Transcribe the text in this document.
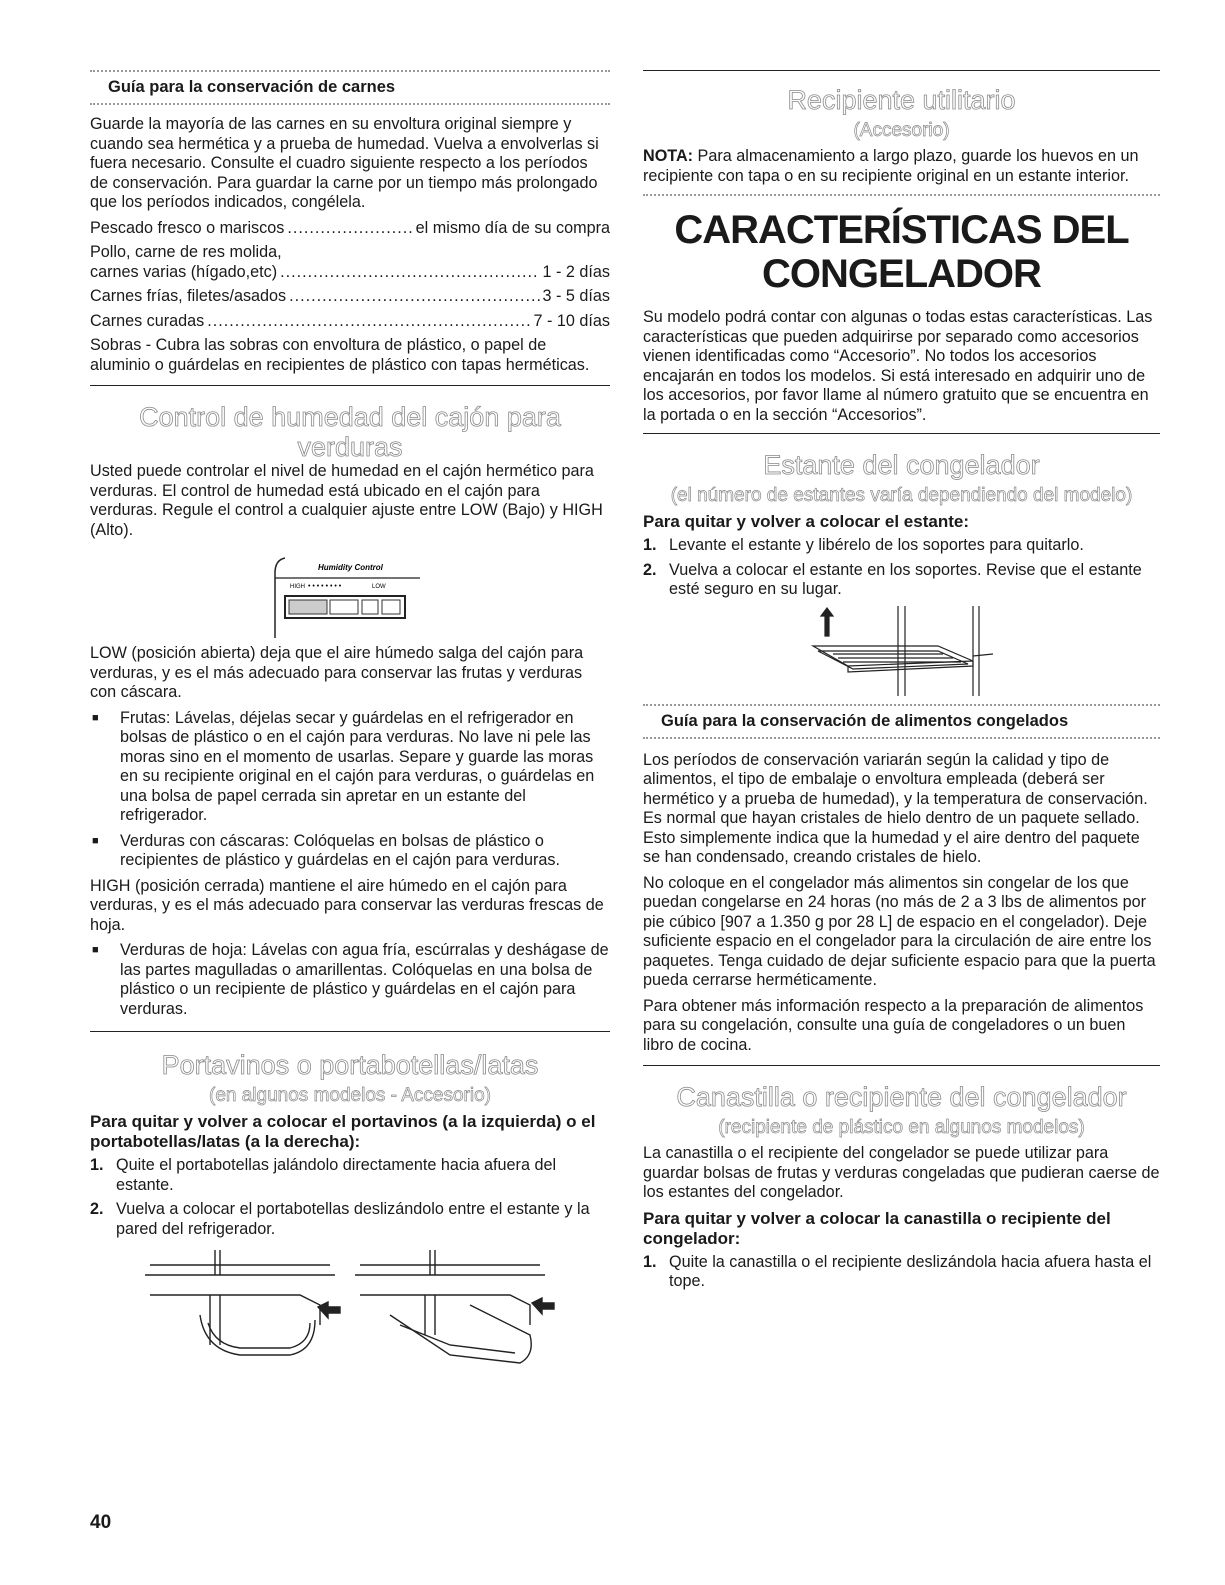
Guía para la conservación de carnes

Guarde la mayoría de las carnes en su envoltura original siempre y cuando sea hermética y a prueba de humedad. Vuelva a envolverlas si fuera necesario. Consulte el cuadro siguiente respecto a los períodos de conservación. Para guardar la carne por un tiempo más prolongado que los períodos indicados, congélela.

Pescado fresco o mariscos .....	el mismo día de su compra
Pollo, carne de res molida,
carnes varias (hígado,etc) .....	1 - 2 días
Carnes frías, filetes/asados .....	3 - 5 días
Carnes curadas .....	7 - 10 días

Sobras - Cubra las sobras con envoltura de plástico, o papel de aluminio o guárdelas en recipientes de plástico con tapas herméticas.

Control de humedad del cajón para
verduras

Usted puede controlar el nivel de humedad en el cajón hermético para verduras. El control de humedad está ubicado en el cajón para verduras. Regule el control a cualquier ajuste entre LOW (Bajo) y HIGH (Alto).

Humidity Control
HIGH • • • • • • • •	LOW

LOW (posición abierta) deja que el aire húmedo salga del cajón para verduras, y es el más adecuado para conservar las frutas y verduras con cáscara.

■ Frutas: Lávelas, déjelas secar y guárdelas en el refrigerador en bolsas de plástico o en el cajón para verduras. No lave ni pele las moras sino en el momento de usarlas. Separe y guarde las moras en su recipiente original en el cajón para verduras, o guárdelas en una bolsa de papel cerrada sin apretar en un estante del refrigerador.
■ Verduras con cáscaras: Colóquelas en bolsas de plástico o recipientes de plástico y guárdelas en el cajón para verduras.

HIGH (posición cerrada) mantiene el aire húmedo en el cajón para verduras, y es el más adecuado para conservar las verduras frescas de hoja.

■ Verduras de hoja: Lávelas con agua fría, escúrralas y deshágase de las partes magulladas o amarillentas. Colóquelas en una bolsa de plástico o un recipiente de plástico y guárdelas en el cajón para verduras.
Portavinos o portabotellas/latas
(en algunos modelos - Accesorio)
Para quitar y volver a colocar el portavinos (a la izquierda) o el portabotellas/latas (a la derecha):
1. Quite el portabotellas jalándolo directamente hacia afuera del estante.
2. Vuelva a colocar el portabotellas deslizándolo entre el estante y la pared del refrigerador.
Recipiente utilitario
(Accesorio)

NOTA: Para almacenamiento a largo plazo, guarde los huevos en un recipiente con tapa o en su recipiente original en un estante interior.

CARACTERÍSTICAS DEL
CONGELADOR

Su modelo podrá contar con algunas o todas estas características. Las características que pueden adquirirse por separado como accesorios vienen identificadas como “Accesorio”. No todos los accesorios encajarán en todos los modelos. Si está interesado en adquirir uno de los accesorios, por favor llame al número gratuito que se encuentra en la portada o en la sección “Accesorios”.

Estante del congelador
(el número de estantes varía dependiendo del modelo)
Para quitar y volver a colocar el estante:
1. Levante el estante y libérelo de los soportes para quitarlo.
2. Vuelva a colocar el estante en los soportes. Revise que el estante esté seguro en su lugar.
Guía para la conservación de alimentos congelados

Los períodos de conservación variarán según la calidad y tipo de alimentos, el tipo de embalaje o envoltura empleada (deberá ser hermético y a prueba de humedad), y la temperatura de conservación. Es normal que hayan cristales de hielo dentro de un paquete sellado. Esto simplemente indica que la humedad y el aire dentro del paquete se han condensado, creando cristales de hielo.

No coloque en el congelador más alimentos sin congelar de los que puedan congelarse en 24 horas (no más de 2 a 3 lbs de alimentos por pie cúbico [907 a 1.350 g por 28 L] de espacio en el congelador). Deje suficiente espacio en el congelador para la circulación de aire entre los paquetes. Tenga cuidado de dejar suficiente espacio para que la puerta pueda cerrarse herméticamente.

Para obtener más información respecto a la preparación de alimentos para su congelación, consulte una guía de congeladores o un buen libro de cocina.

Canastilla o recipiente del congelador
(recipiente de plástico en algunos modelos)

La canastilla o el recipiente del congelador se puede utilizar para guardar bolsas de frutas y verduras congeladas que pudieran caerse de los estantes del congelador.

Para quitar y volver a colocar la canastilla o recipiente del congelador:
1. Quite la canastilla o el recipiente deslizándola hacia afuera hasta el tope.
40
